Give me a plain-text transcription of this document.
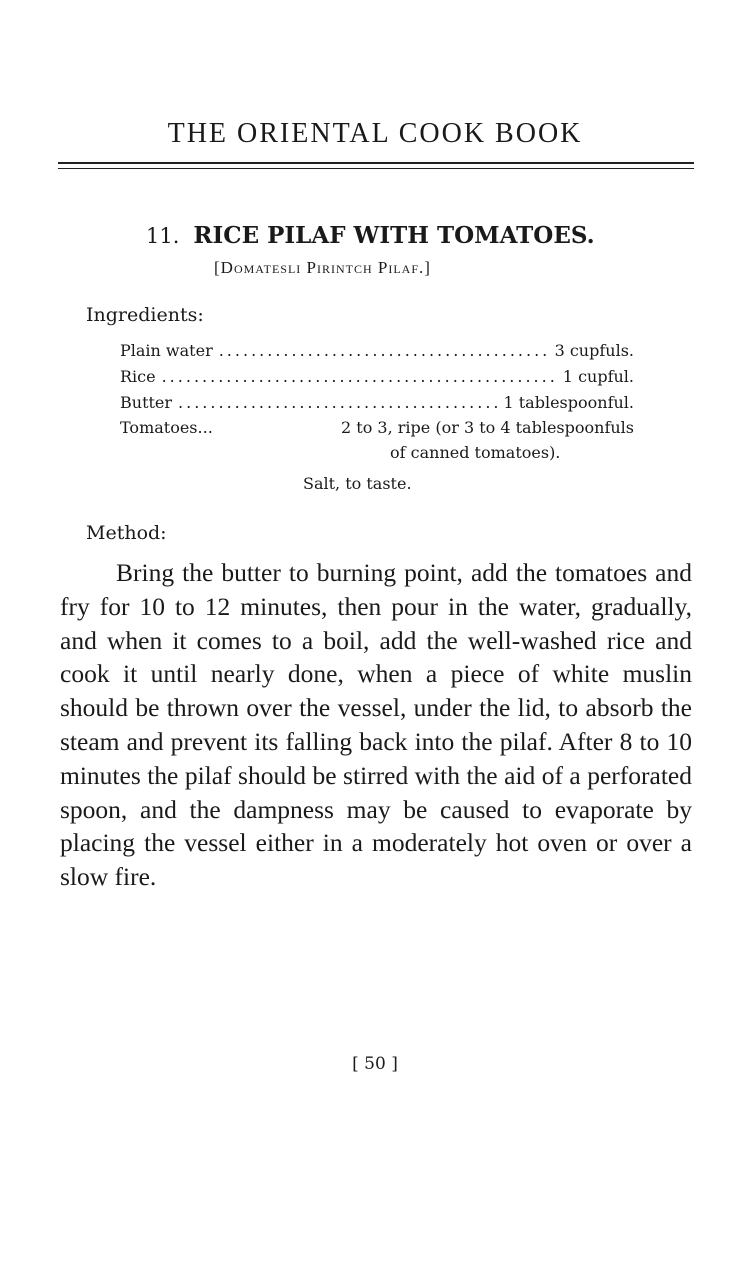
THE ORIENTAL COOK BOOK
11. RICE PILAF WITH TOMATOES.
[Domatesli Pirintch Pilaf.]
Ingredients:
Plain water .....	3 cupfuls.
Rice .....	1 cupful.
Butter .....	1 tablespoonful.
Tomatoes...	2 to 3, ripe (or 3 to 4 tablespoonfuls
of canned tomatoes).
Salt, to taste.
Method:

Bring the butter to burning point, add the tomatoes and fry for 10 to 12 minutes, then pour in the water, gradually, and when it comes to a boil, add the well-washed rice and cook it until nearly done, when a piece of white muslin should be thrown over the vessel, under the lid, to absorb the steam and prevent its falling back into the pilaf. After 8 to 10 minutes the pilaf should be stirred with the aid of a perforated spoon, and the dampness may be caused to evaporate by placing the vessel either in a moderately hot oven or over a slow fire.

[ 50 ]
